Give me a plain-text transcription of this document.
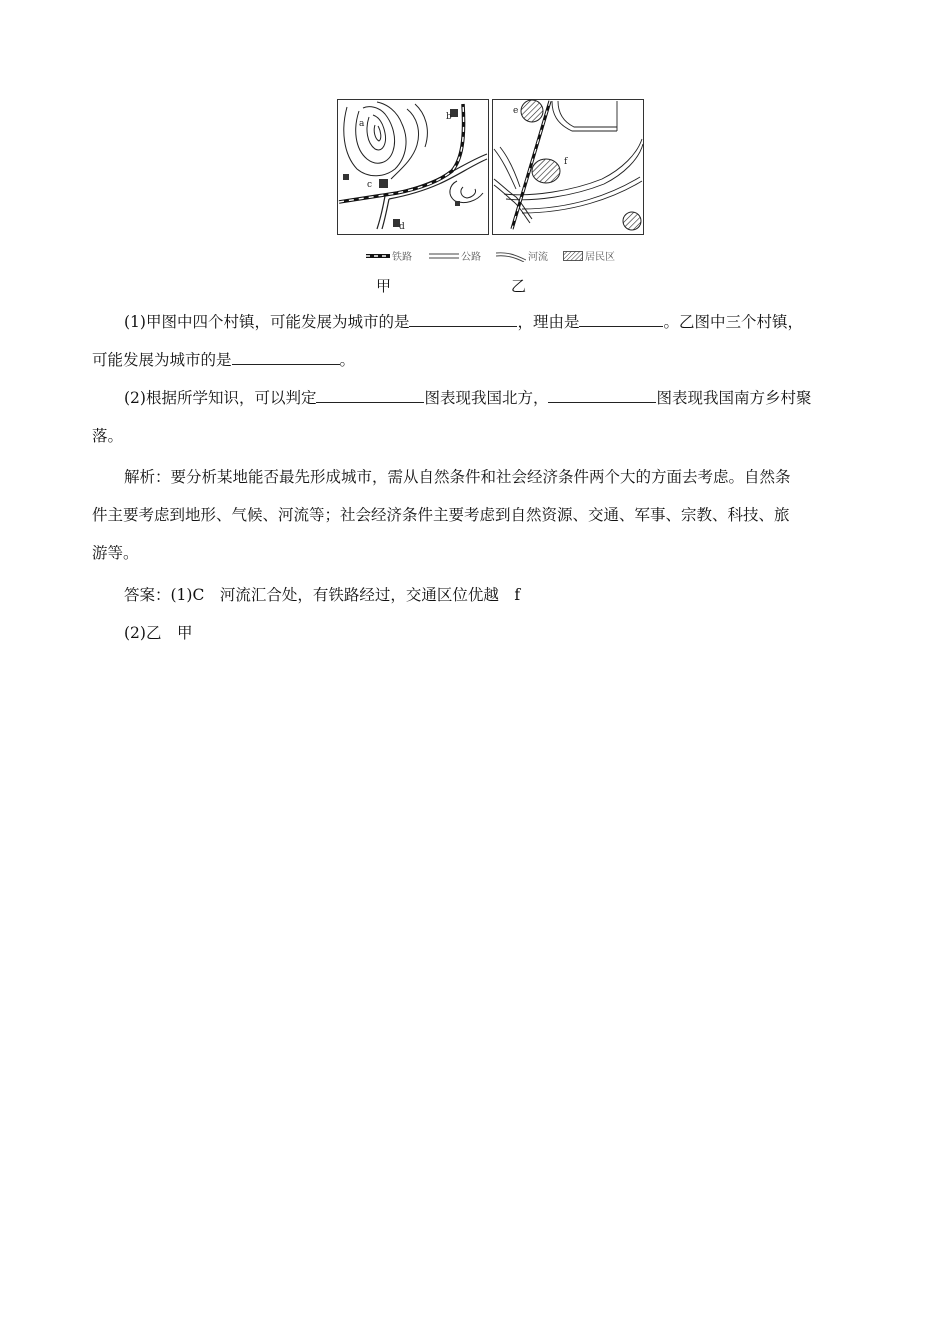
a
b
c
d
e
f
铁路	公路	河流	居民区
甲	乙

(1)甲图中四个村镇，可能发展为城市的是	，理由是	。乙图中三个村镇，

可能发展为城市的是	。

(2)根据所学知识，可以判定	图表现我国北方，	图表现我国南方乡村聚

落。

解析：要分析某地能否最先形成城市，需从自然条件和社会经济条件两个大的方面去考虑。自然条

件主要考虑到地形、气候、河流等；社会经济条件主要考虑到自然资源、交通、军事、宗教、科技、旅

游等。

答案：(1)C　河流汇合处，有铁路经过，交通区位优越　f

(2)乙　甲
